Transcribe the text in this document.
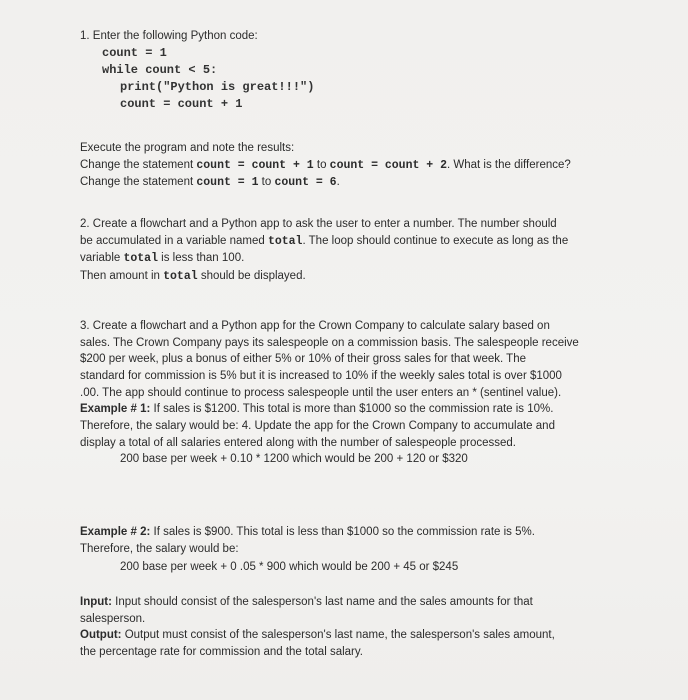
1. Enter the following Python code:

count = 1
while count < 5:
print("Python is great!!!")
count = count + 1

Execute the program and note the results:

Change the statement count = count + 1 to count = count + 2. What is the difference?

Change the statement count = 1 to count = 6.

2. Create a flowchart and a Python app to ask the user to enter a number. The number should

be accumulated in a variable named total. The loop should continue to execute as long as the

variable total is less than 100.

Then amount in total should be displayed.

3. Create a flowchart and a Python app for the Crown Company to calculate salary based on

sales. The Crown Company pays its salespeople on a commission basis. The salespeople receive

$200 per week, plus a bonus of either 5% or 10% of their gross sales for that week. The

standard for commission is 5% but it is increased to 10% if the weekly sales total is over $1000

.00. The app should continue to process salespeople until the user enters an * (sentinel value).

Example # 1: If sales is $1200. This total is more than $1000 so the commission rate is 10%.

Therefore, the salary would be: 4. Update the app for the Crown Company to accumulate and

display a total of all salaries entered along with the number of salespeople processed.

200 base per week + 0.10 * 1200 which would be 200 + 120 or $320

Example # 2: If sales is $900. This total is less than $1000 so the commission rate is 5%.

Therefore, the salary would be:

200 base per week + 0 .05 * 900 which would be 200 + 45 or $245

Input: Input should consist of the salesperson's last name and the sales amounts for that

salesperson.

Output: Output must consist of the salesperson's last name, the salesperson's sales amount,

the percentage rate for commission and the total salary.
